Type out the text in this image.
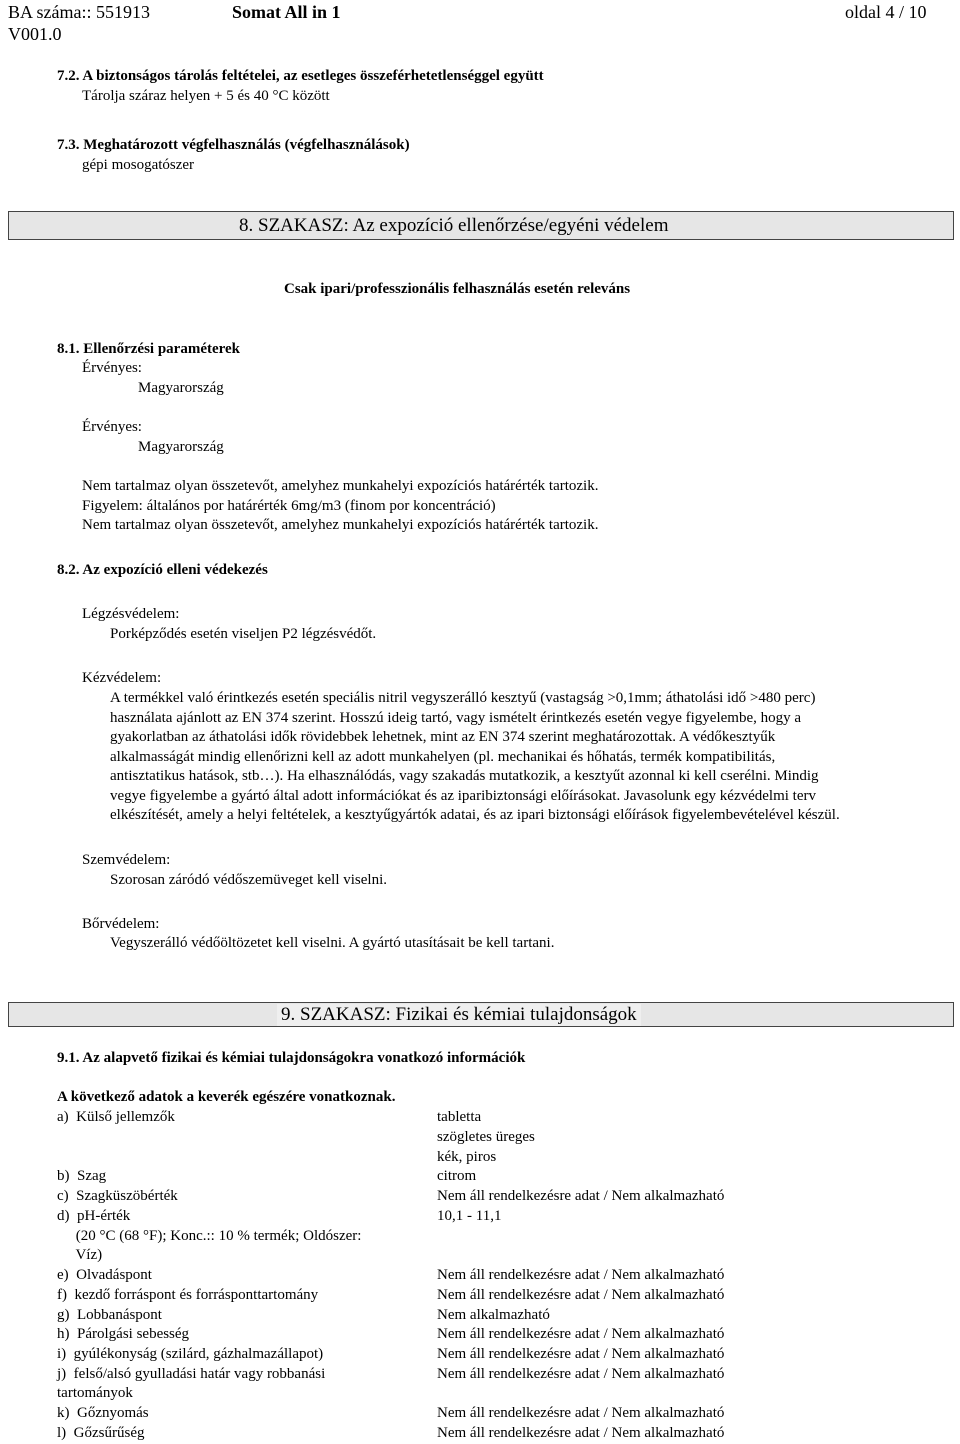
BA száma:: 551913	Somat All in 1	oldal 4 / 10
V001.0
7.2. A biztonságos tárolás feltételei, az esetleges összeférhetetlenséggel együtt
Tárolja száraz helyen + 5 és 40 °C között
7.3. Meghatározott végfelhasználás (végfelhasználások)
gépi mosogatószer
8. SZAKASZ: Az expozíció ellenőrzése/egyéni védelem
Csak ipari/professzionális felhasználás esetén releváns
8.1. Ellenőrzési paraméterek
Érvényes:
Magyarország
Érvényes:
Magyarország
Nem tartalmaz olyan összetevőt, amelyhez munkahelyi expozíciós határérték tartozik.
Figyelem: általános por határérték 6mg/m3 (finom por koncentráció)
Nem tartalmaz olyan összetevőt, amelyhez munkahelyi expozíciós határérték tartozik.
8.2. Az expozíció elleni védekezés
Légzésvédelem:
Porképződés esetén viseljen P2 légzésvédőt.
Kézvédelem:
A termékkel való érintkezés esetén speciális nitril vegyszerálló kesztyű (vastagság >0,1mm; áthatolási idő >480 perc)
használata ajánlott az EN 374 szerint. Hosszú ideig tartó, vagy ismételt érintkezés esetén vegye figyelembe, hogy a
gyakorlatban az áthatolási idők rövidebbek lehetnek, mint az EN 374 szerint meghatározottak. A védőkesztyűk
alkalmasságát mindig ellenőrizni kell az adott munkahelyen (pl. mechanikai és hőhatás, termék kompatibilitás,
antisztatikus hatások, stb…). Ha elhasználódás, vagy szakadás mutatkozik, a kesztyűt azonnal ki kell cserélni. Mindig
vegye figyelembe a gyártó által adott információkat és az iparibiztonsági előírásokat. Javasolunk egy kézvédelmi terv
elkészítését, amely a helyi feltételek, a kesztyűgyártók adatai, és az ipari biztonsági előírások figyelembevételével készül.
Szemvédelem:
Szorosan záródó védőszemüveget kell viselni.
Bőrvédelem:
Vegyszerálló védőöltözetet kell viselni. A gyártó utasításait be kell tartani.
9. SZAKASZ: Fizikai és kémiai tulajdonságok
9.1. Az alapvető fizikai és kémiai tulajdonságokra vonatkozó információk
A következő adatok a keverék egészére vonatkoznak.
a)  Külső jellemzők	tabletta
szögletes üreges
kék, piros
b)  Szag	citrom
c)  Szagküszöbérték	Nem áll rendelkezésre adat / Nem alkalmazható
d)  pH-érték	10,1 - 11,1
(20 °C (68 °F); Konc.:: 10 % termék; Oldószer:
Víz)
e)  Olvadáspont	Nem áll rendelkezésre adat / Nem alkalmazható
f)  kezdő forráspont és forrásponttartomány	Nem áll rendelkezésre adat / Nem alkalmazható
g)  Lobbanáspont	Nem alkalmazható
h)  Párolgási sebesség	Nem áll rendelkezésre adat / Nem alkalmazható
i)  gyúlékonyság (szilárd, gázhalmazállapot)	Nem áll rendelkezésre adat / Nem alkalmazható
j)  felső/alsó gyulladási határ vagy robbanási	Nem áll rendelkezésre adat / Nem alkalmazható
tartományok
k)  Gőznyomás	Nem áll rendelkezésre adat / Nem alkalmazható
l)  Gőzsűrűség	Nem áll rendelkezésre adat / Nem alkalmazható
